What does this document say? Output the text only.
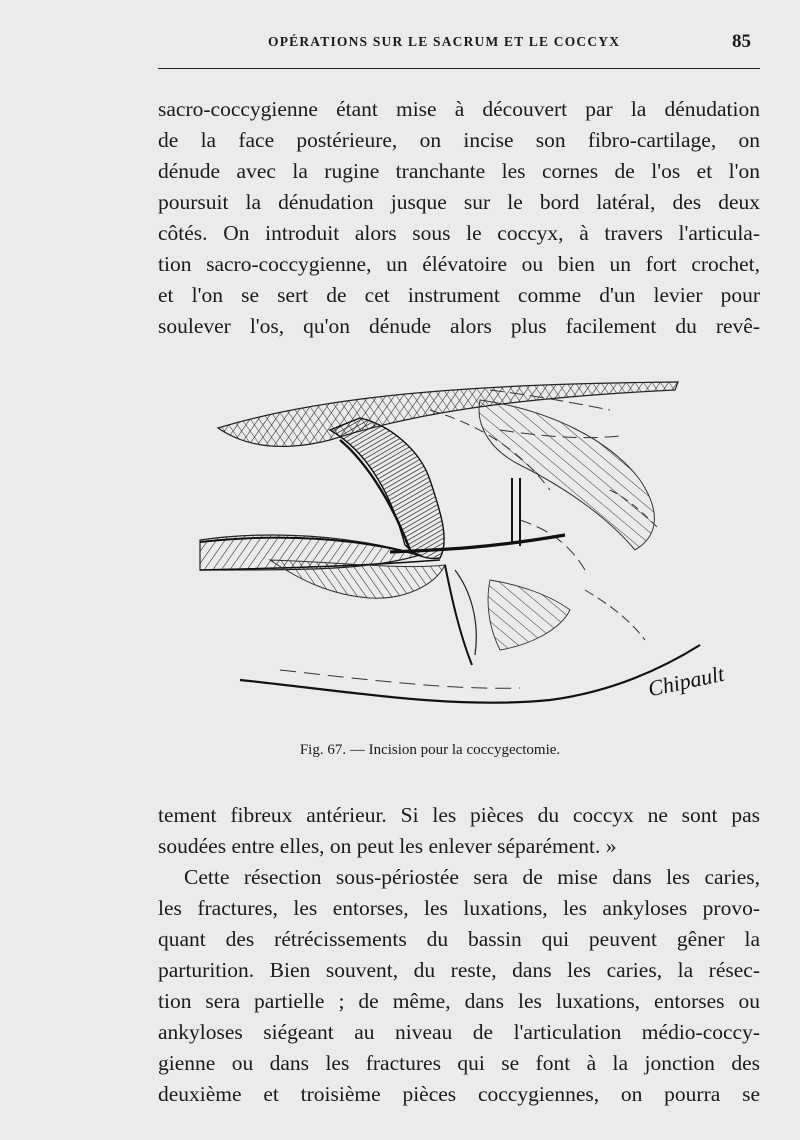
OPÉRATIONS SUR LE SACRUM ET LE COCCYX	85
sacro-coccygienne étant mise à découvert par la dénudation
de la face postérieure, on incise son fibro-cartilage, on
dénude avec la rugine tranchante les cornes de l'os et l'on
poursuit la dénudation jusque sur le bord latéral, des deux
côtés. On introduit alors sous le coccyx, à travers l'articula-
tion sacro-coccygienne, un élévatoire ou bien un fort crochet,
et l'on se sert de cet instrument comme d'un levier pour
soulever l'os, qu'on dénude alors plus facilement du revê-
Chipault
Fig. 67. — Incision pour la coccygectomie.
tement fibreux antérieur. Si les pièces du coccyx ne sont pas
soudées entre elles, on peut les enlever séparément. »
Cette résection sous-périostée sera de mise dans les caries,
les fractures, les entorses, les luxations, les ankyloses provo-
quant des rétrécissements du bassin qui peuvent gêner la
parturition. Bien souvent, du reste, dans les caries, la résec-
tion sera partielle ; de même, dans les luxations, entorses ou
ankyloses siégeant au niveau de l'articulation médio-coccy-
gienne ou dans les fractures qui se font à la jonction des
deuxième et troisième pièces coccygiennes, on pourra se
